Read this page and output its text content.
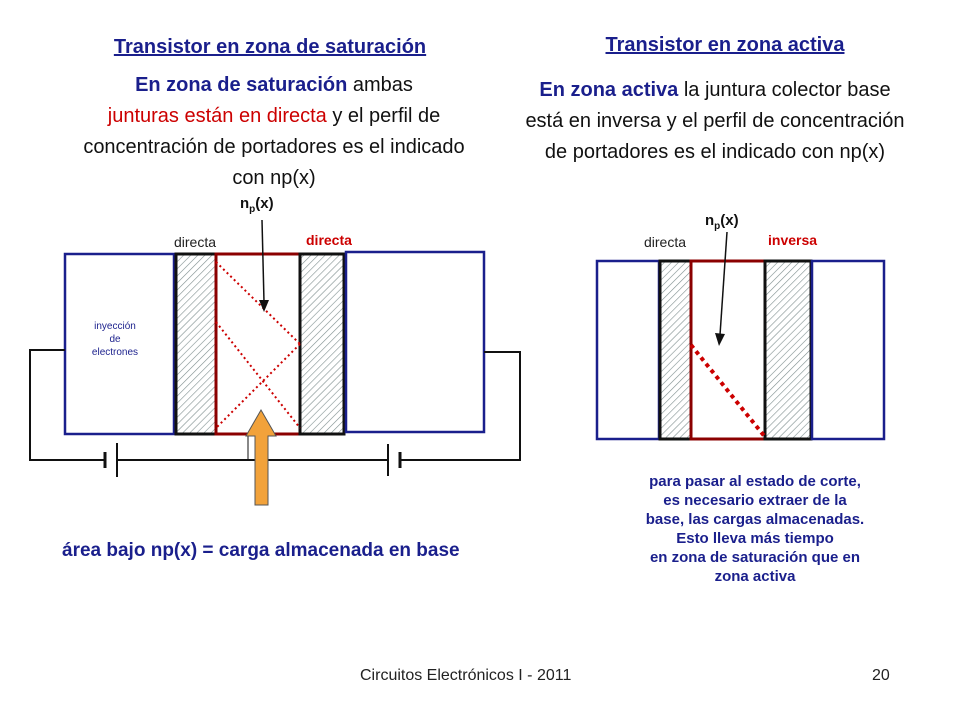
Transistor en zona de saturación	Transistor en zona activa
En zona de saturación ambas
junturas están en directa y el perfil de concentración de portadores es el indicado con np(x)
En zona activa la juntura colector base está en inversa y el perfil de concentración de portadores es el indicado con np(x)
$n_p(x)$
directa	directa
inyección
de
electrones
área bajo np(x) = carga almacenada en base
$n_p(x)$
directa	inversa
para pasar al estado de corte,
es necesario extraer de la
base, las cargas almacenadas.
Esto lleva más tiempo
en zona de saturación que en
zona activa
Circuitos Electrónicos I - 2011	20
